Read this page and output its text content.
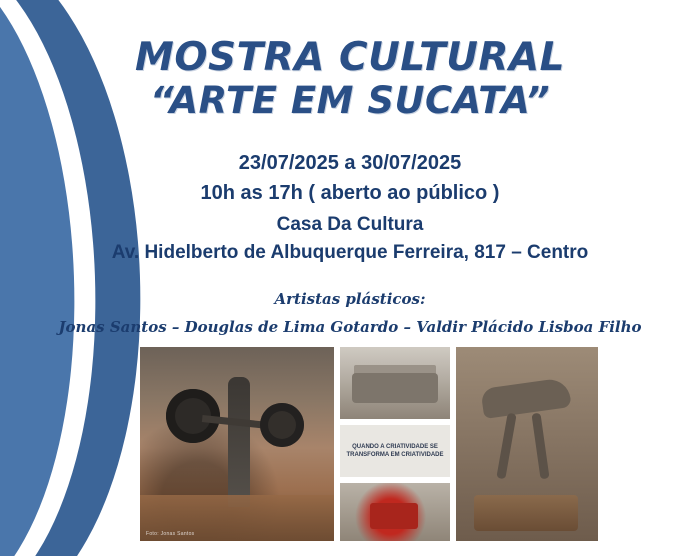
MOSTRA CULTURAL
“ARTE EM SUCATA”
23/07/2025 a 30/07/2025
10h as 17h ( aberto ao público )
Casa Da Cultura
Av. Hidelberto de Albuquerque Ferreira, 817 – Centro
Artistas plásticos:
Jonas Santos – Douglas de Lima Gotardo – Valdir Plácido Lisboa Filho
Foto: Jonas Santos
QUANDO A CRIATIVIDADE SE TRANSFORMA EM CRIATIVIDADE
